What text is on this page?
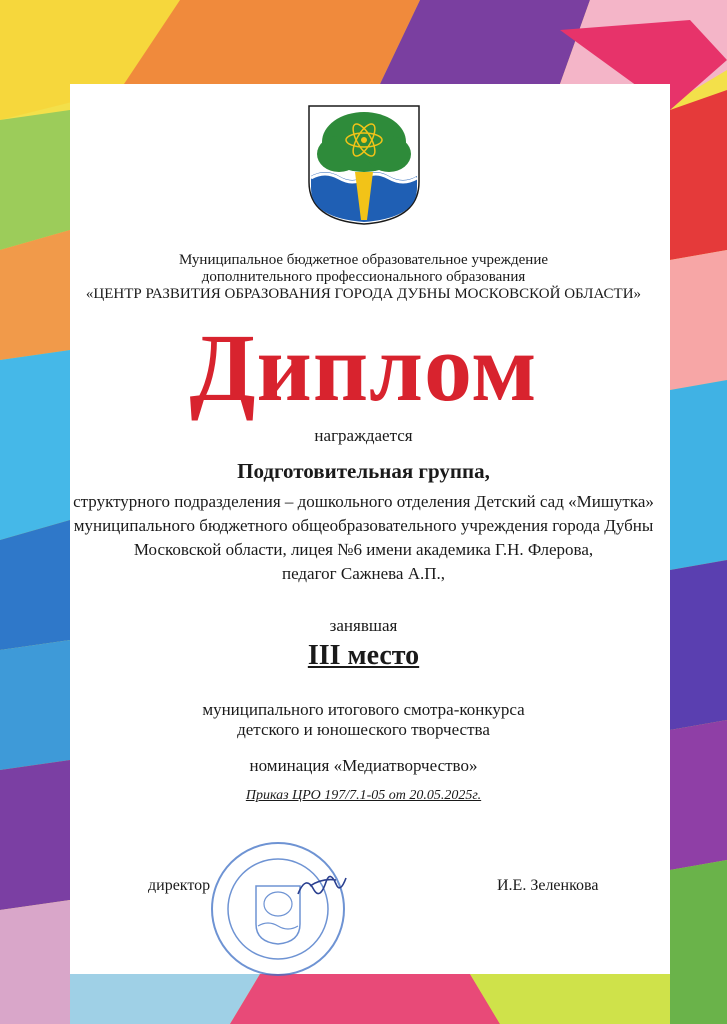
Муниципальное бюджетное образовательное учреждение

дополнительного профессионального образования

«ЦЕНТР РАЗВИТИЯ ОБРАЗОВАНИЯ ГОРОДА ДУБНЫ МОСКОВСКОЙ ОБЛАСТИ»

Диплом

награждается

Подготовительная группа,

структурного подразделения – дошкольного отделения Детский сад «Мишутка»

муниципального бюджетного общеобразовательного учреждения города Дубны

Московской области, лицея №6 имени академика Г.Н. Флерова,

педагог Сажнева А.П.,

занявшая

III место

муниципального итогового смотра-конкурса

детского и юношеского творчества

номинация «Медиатворчество»

Приказ ЦРО 197/7.1-05 от 20.05.2025г.

директор	И.Е. Зеленкова
